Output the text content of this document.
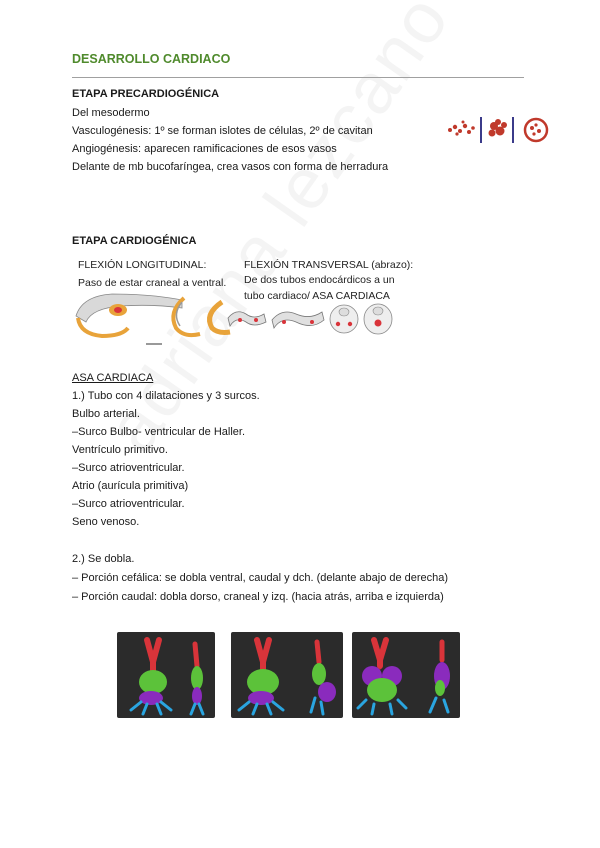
DESARROLLO CARDIACO
ETAPA PRECARDIOGÉNICA
Del mesodermo
Vasculogénesis: 1º se forman islotes de células, 2º de cavitan
Angiogénesis: aparecen ramificaciones de esos vasos
Delante de mb bucofaríngea, crea vasos con forma de herradura
ETAPA CARDIOGÉNICA
FLEXIÓN LONGITUDINAL:
Paso de estar craneal a ventral.
FLEXIÓN TRANSVERSAL (abrazo):
De dos tubos endocárdicos a un
tubo cardiaco/ ASA CARDIACA
ASA CARDIACA
1.) Tubo con 4 dilataciones y 3 surcos.
Bulbo arterial.
–Surco Bulbo- ventricular de Haller.
Ventrículo primitivo.
–Surco atrioventricular.
Atrio (aurícula primitiva)
–Surco atrioventricular.
Seno venoso.
2.) Se dobla.
– Porción cefálica: se dobla ventral, caudal y dch. (delante abajo de derecha)
– Porción caudal: dobla dorso, craneal y izq. (hacia atrás, arriba e izquierda)
